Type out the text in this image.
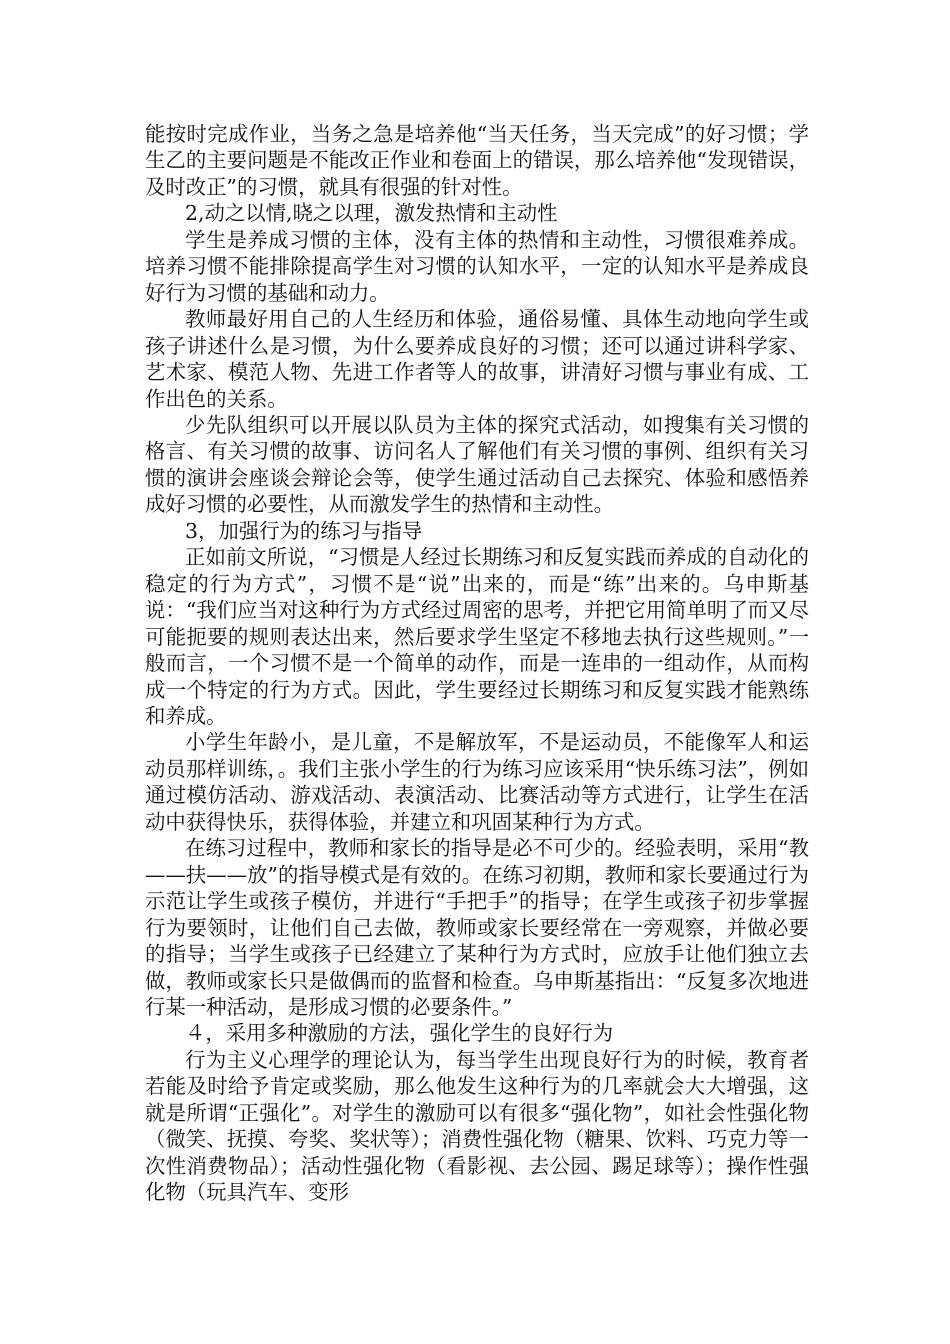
能按时完成作业，当务之急是培养他“当天任务，当天完成”的好习惯；学生乙的主要问题是不能改正作业和卷面上的错误，那么培养他“发现错误，及时改正”的习惯，就具有很强的针对性。

2,动之以情,晓之以理，激发热情和主动性

学生是养成习惯的主体，没有主体的热情和主动性，习惯很难养成。培养习惯不能排除提高学生对习惯的认知水平，一定的认知水平是养成良好行为习惯的基础和动力。

教师最好用自己的人生经历和体验，通俗易懂、具体生动地向学生或孩子讲述什么是习惯，为什么要养成良好的习惯；还可以通过讲科学家、艺术家、模范人物、先进工作者等人的故事，讲清好习惯与事业有成、工作出色的关系。

少先队组织可以开展以队员为主体的探究式活动，如搜集有关习惯的格言、有关习惯的故事、访问名人了解他们有关习惯的事例、组织有关习惯的演讲会座谈会辩论会等，使学生通过活动自己去探究、体验和感悟养成好习惯的必要性，从而激发学生的热情和主动性。

3，加强行为的练习与指导

正如前文所说，“习惯是人经过长期练习和反复实践而养成的自动化的稳定的行为方式”，习惯不是“说”出来的，而是“练”出来的。乌申斯基说：“我们应当对这种行为方式经过周密的思考，并把它用简单明了而又尽可能扼要的规则表达出来，然后要求学生坚定不移地去执行这些规则。”一般而言，一个习惯不是一个简单的动作，而是一连串的一组动作，从而构成一个特定的行为方式。因此，学生要经过长期练习和反复实践才能熟练和养成。

小学生年龄小，是儿童，不是解放军，不是运动员，不能像军人和运动员那样训练，。我们主张小学生的行为练习应该采用“快乐练习法”，例如通过模仿活动、游戏活动、表演活动、比赛活动等方式进行，让学生在活动中获得快乐，获得体验，并建立和巩固某种行为方式。

在练习过程中，教师和家长的指导是必不可少的。经验表明，采用“教——扶——放”的指导模式是有效的。在练习初期，教师和家长要通过行为示范让学生或孩子模仿，并进行“手把手”的指导；在学生或孩子初步掌握行为要领时，让他们自己去做，教师或家长要经常在一旁观察，并做必要的指导；当学生或孩子已经建立了某种行为方式时，应放手让他们独立去做，教师或家长只是做偶而的监督和检查。乌申斯基指出：“反复多次地进行某一种活动，是形成习惯的必要条件。”

４，采用多种激励的方法，强化学生的良好行为

行为主义心理学的理论认为，每当学生出现良好行为的时候，教育者若能及时给予肯定或奖励，那么他发生这种行为的几率就会大大增强，这就是所谓“正强化”。对学生的激励可以有很多“强化物”，如社会性强化物（微笑、抚摸、夸奖、奖状等）；消费性强化物（糖果、饮料、巧克力等一次性消费物品）；活动性强化物（看影视、去公园、踢足球等）；操作性强化物（玩具汽车、变形
